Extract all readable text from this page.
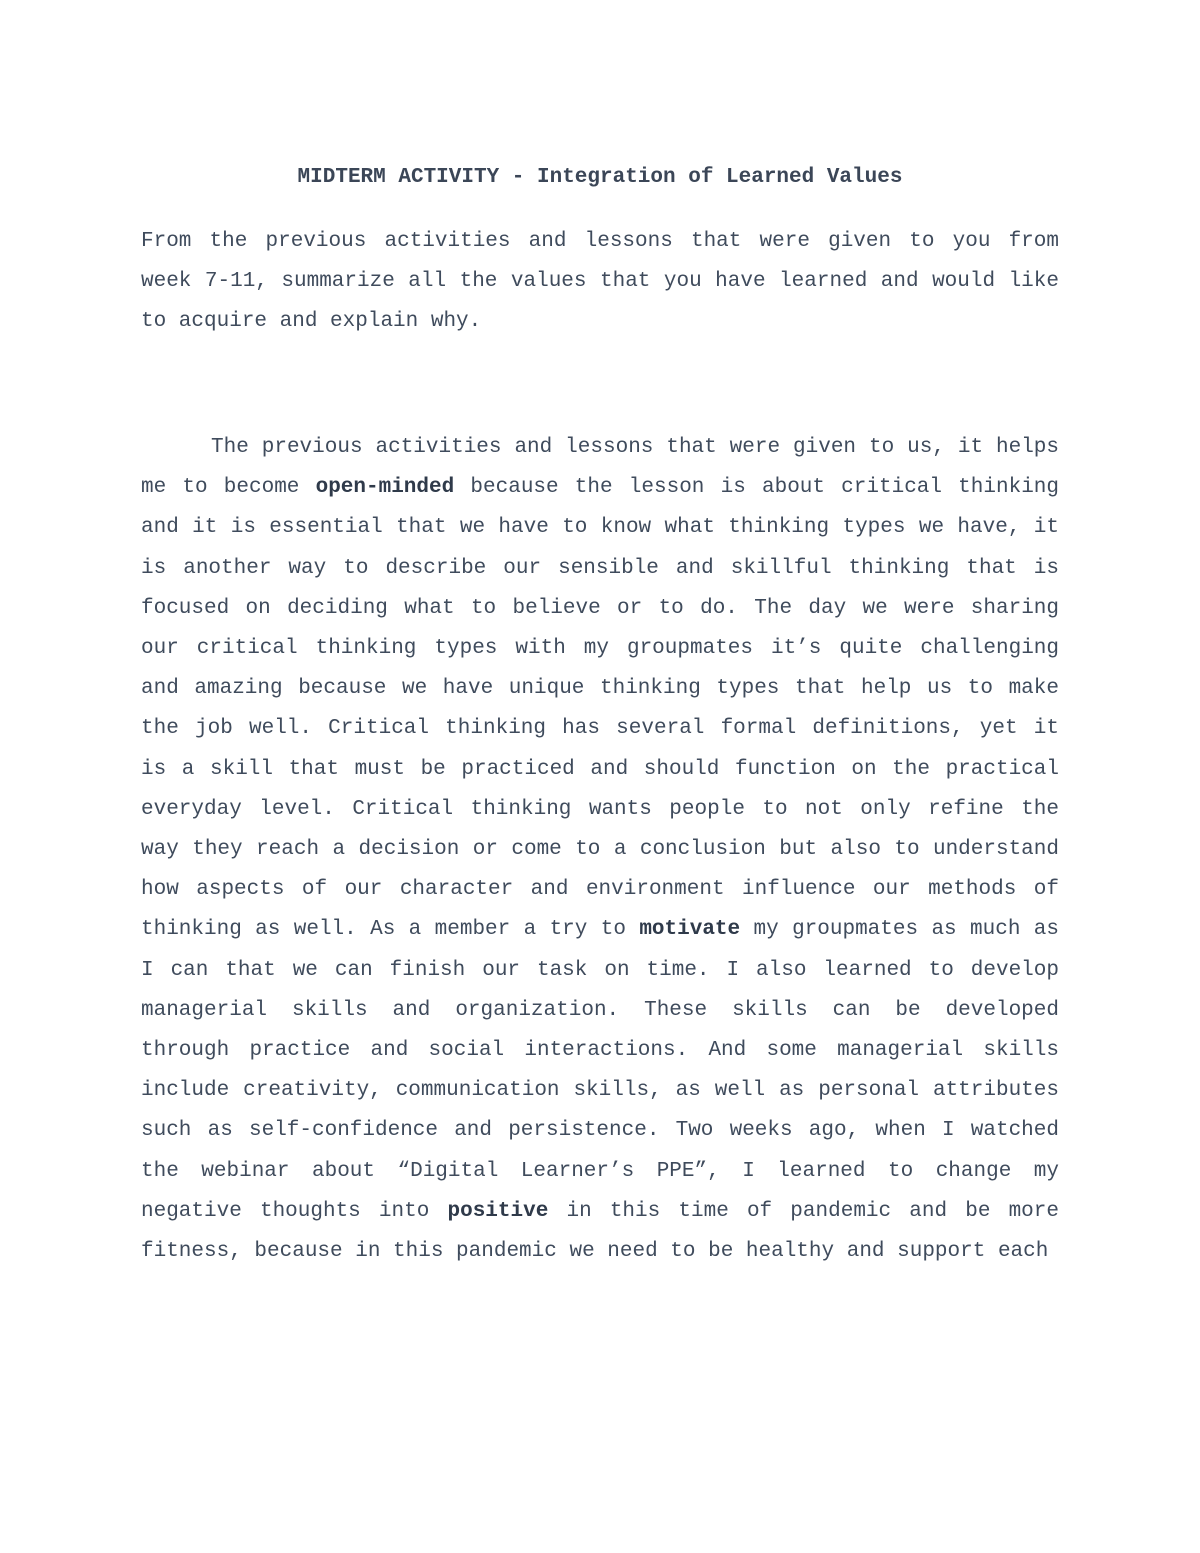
MIDTERM ACTIVITY - Integration of Learned Values

From the previous activities and lessons that were given to you from week 7-11, summarize all the values that you have learned and would like to acquire and explain why.

The previous activities and lessons that were given to us, it helps me to become open-minded because the lesson is about critical thinking and it is essential that we have to know what thinking types we have, it is another way to describe our sensible and skillful thinking that is focused on deciding what to believe or to do. The day we were sharing our critical thinking types with my groupmates it’s quite challenging and amazing because we have unique thinking types that help us to make the job well. Critical thinking has several formal definitions, yet it is a skill that must be practiced and should function on the practical everyday level. Critical thinking wants people to not only refine the way they reach a decision or come to a conclusion but also to understand how aspects of our character and environment influence our methods of thinking as well. As a member a try to motivate my groupmates as much as I can that we can finish our task on time. I also learned to develop managerial skills and organization. These skills can be developed through practice and social interactions. And some managerial skills include creativity, communication skills, as well as personal attributes such as self-confidence and persistence. Two weeks ago, when I watched the webinar about “Digital Learner’s PPE”, I learned to change my negative thoughts into positive in this time of pandemic and be more fitness, because in this pandemic we need to be healthy and support each
